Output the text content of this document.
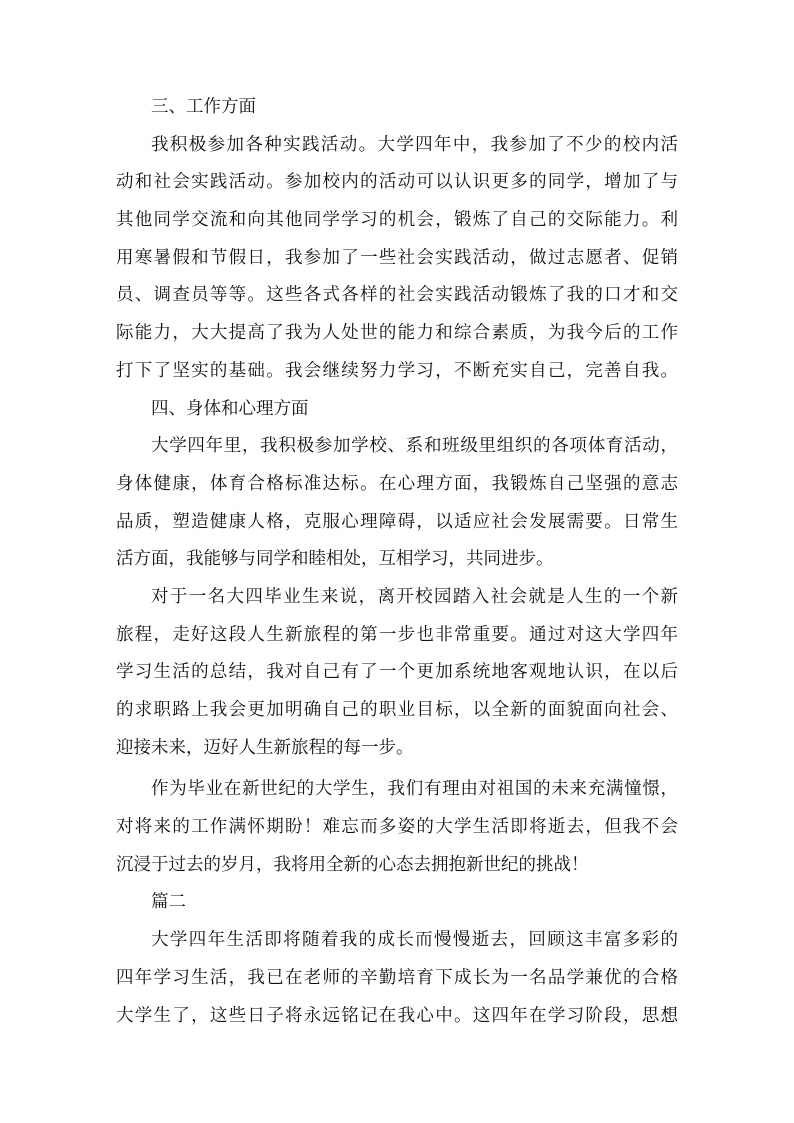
三、工作方面
我积极参加各种实践活动。大学四年中，我参加了不少的校内活
动和社会实践活动。参加校内的活动可以认识更多的同学，增加了与
其他同学交流和向其他同学学习的机会，锻炼了自己的交际能力。利
用寒暑假和节假日，我参加了一些社会实践活动，做过志愿者、促销
员、调查员等等。这些各式各样的社会实践活动锻炼了我的口才和交
际能力，大大提高了我为人处世的能力和综合素质，为我今后的工作
打下了坚实的基础。我会继续努力学习，不断充实自己，完善自我。
四、身体和心理方面
大学四年里，我积极参加学校、系和班级里组织的各项体育活动，
身体健康，体育合格标准达标。在心理方面，我锻炼自己坚强的意志
品质，塑造健康人格，克服心理障碍，以适应社会发展需要。日常生
活方面，我能够与同学和睦相处，互相学习，共同进步。
对于一名大四毕业生来说，离开校园踏入社会就是人生的一个新
旅程，走好这段人生新旅程的第一步也非常重要。通过对这大学四年
学习生活的总结，我对自己有了一个更加系统地客观地认识，在以后
的求职路上我会更加明确自己的职业目标，以全新的面貌面向社会、
迎接未来，迈好人生新旅程的每一步。
作为毕业在新世纪的大学生，我们有理由对祖国的未来充满憧憬，
对将来的工作满怀期盼！难忘而多姿的大学生活即将逝去，但我不会
沉浸于过去的岁月，我将用全新的心态去拥抱新世纪的挑战！
篇二
大学四年生活即将随着我的成长而慢慢逝去，回顾这丰富多彩的
四年学习生活，我已在老师的辛勤培育下成长为一名品学兼优的合格
大学生了，这些日子将永远铭记在我心中。这四年在学习阶段，思想
